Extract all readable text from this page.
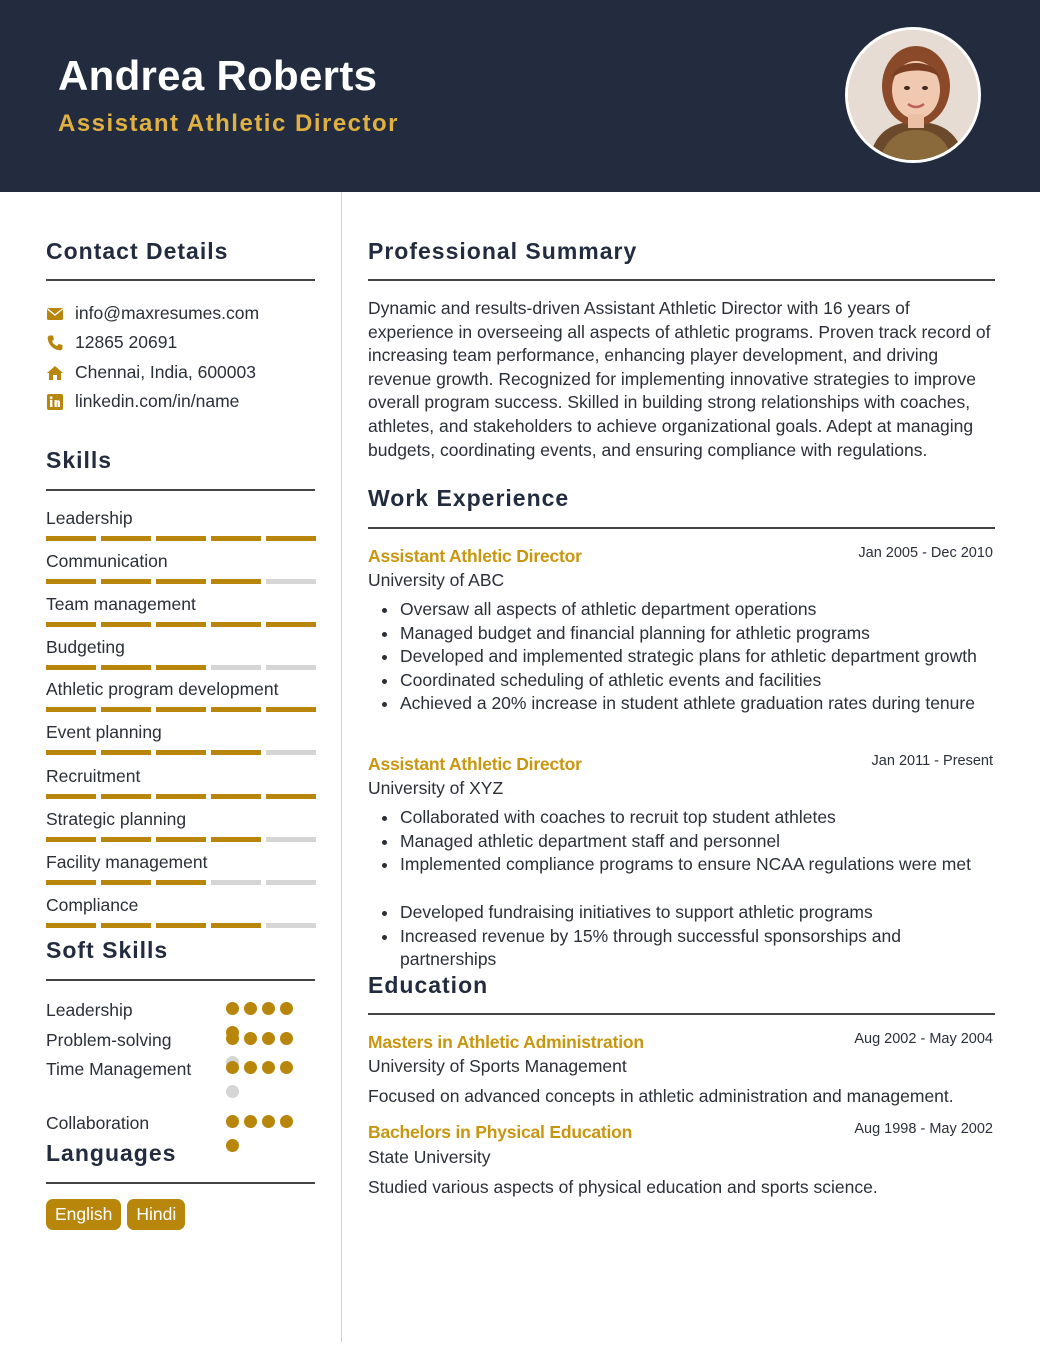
Andrea Roberts
Assistant Athletic Director
Contact Details
info@maxresumes.com
12865 20691
Chennai, India, 600003
linkedin.com/in/name
Skills
Leadership
Communication
Team management
Budgeting
Athletic program development
Event planning
Recruitment
Strategic planning
Facility management
Compliance
Soft Skills
Leadership
Problem-solving
Time Management
Collaboration
Languages
English	Hindi
Professional Summary
Dynamic and results-driven Assistant Athletic Director with 16 years of experience in overseeing all aspects of athletic programs. Proven track record of increasing team performance, enhancing player development, and driving revenue growth. Recognized for implementing innovative strategies to improve overall program success. Skilled in building strong relationships with coaches, athletes, and stakeholders to achieve organizational goals. Adept at managing budgets, coordinating events, and ensuring compliance with regulations.
Work Experience
Assistant Athletic Director	Jan 2005 - Dec 2010
University of ABC
Oversaw all aspects of athletic department operations
Managed budget and financial planning for athletic programs
Developed and implemented strategic plans for athletic department growth
Coordinated scheduling of athletic events and facilities
Achieved a 20% increase in student athlete graduation rates during tenure
Assistant Athletic Director	Jan 2011 - Present
University of XYZ
Collaborated with coaches to recruit top student athletes
Managed athletic department staff and personnel
Implemented compliance programs to ensure NCAA regulations were met
Developed fundraising initiatives to support athletic programs
Increased revenue by 15% through successful sponsorships and partnerships
Education
Masters in Athletic Administration	Aug 2002 - May 2004
University of Sports Management
Focused on advanced concepts in athletic administration and management.
Bachelors in Physical Education	Aug 1998 - May 2002
State University
Studied various aspects of physical education and sports science.
